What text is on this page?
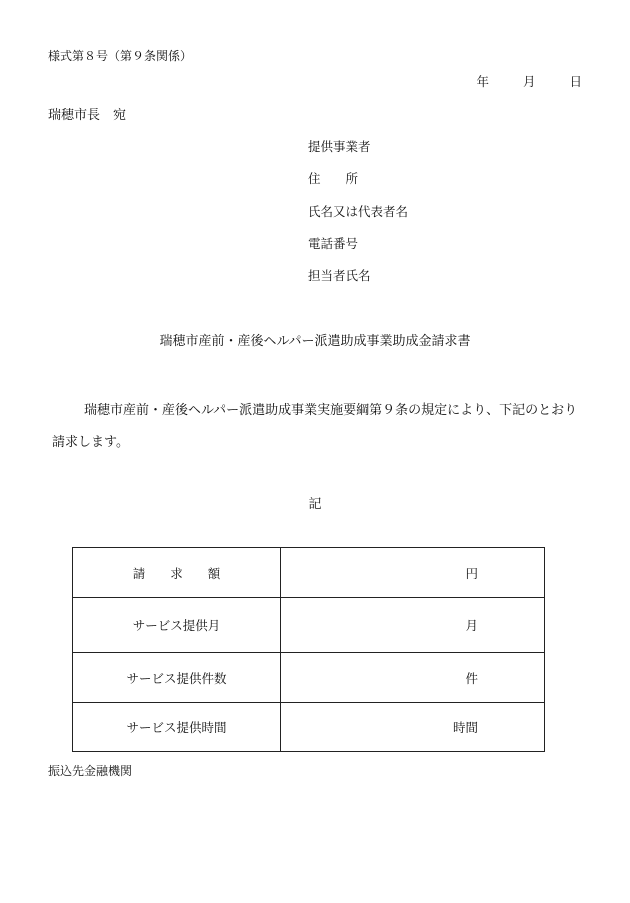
様式第８号（第９条関係）
年	月	日
瑞穂市長　宛
提供事業者
住　　所
氏名又は代表者名
電話番号
担当者氏名
瑞穂市産前・産後ヘルパー派遣助成事業助成金請求書
瑞穂市産前・産後ヘルパー派遣助成事業実施要綱第９条の規定により、下記のとおり請求します。
記
請　　求　　額	円
サービス提供月	月
サービス提供件数	件
サービス提供時間	時間
振込先金融機関
